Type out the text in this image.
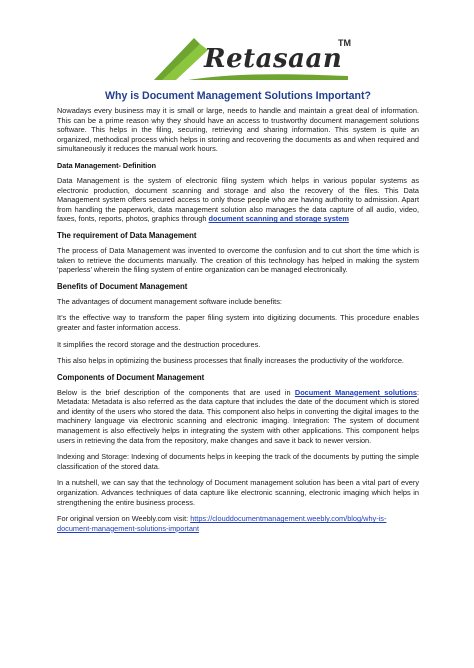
Retasaan
TM
Why is Document Management Solutions Important?

Nowadays every business may it is small or large, needs to handle and maintain a great deal of information. This can be a prime reason why they should have an access to trustworthy document management solutions software. This helps in the filing, securing, retrieving and sharing information. This system is quite an organized, methodical process which helps in storing and recovering the documents as and when required and simultaneously it reduces the manual work hours.

Data Management- Definition

Data Management is the system of electronic filing system which helps in various popular systems as electronic production, document scanning and storage and also the recovery of the files. This Data Management system offers secured access to only those people who are having authority to admission. Apart from handling the paperwork, data management solution also manages the data capture of all audio, video, faxes, fonts, reports, photos, graphics through document scanning and storage system

The requirement of Data Management

The process of Data Management was invented to overcome the confusion and to cut short the time which is taken to retrieve the documents manually. The creation of this technology has helped in making the system ‘paperless’ wherein the filing system of entire organization can be managed electronically.

Benefits of Document Management

The advantages of document management software include benefits:

It’s the effective way to transform the paper filing system into digitizing documents. This procedure enables greater and faster information access.

It simplifies the record storage and the destruction procedures.

This also helps in optimizing the business processes that finally increases the productivity of the workforce.

Components of Document Management

Below is the brief description of the components that are used in Document Management solutions: Metadata: Metadata is also referred as the data capture that includes the date of the document which is stored and identity of the users who stored the data. This component also helps in converting the digital images to the machinery language via electronic scanning and electronic imaging. Integration: The system of document management is also effectively helps in integrating the system with other applications. This component helps users in retrieving the data from the repository, make changes and save it back to newer version.

Indexing and Storage: Indexing of documents helps in keeping the track of the documents by putting the simple classification of the stored data.

In a nutshell, we can say that the technology of Document management solution has been a vital part of every organization. Advances techniques of data capture like electronic scanning, electronic imaging which helps in strengthening the entire business process.

For original version on Weebly.com visit: https://clouddocumentmanagement.weebly.com/blog/why-is-document-management-solutions-important
